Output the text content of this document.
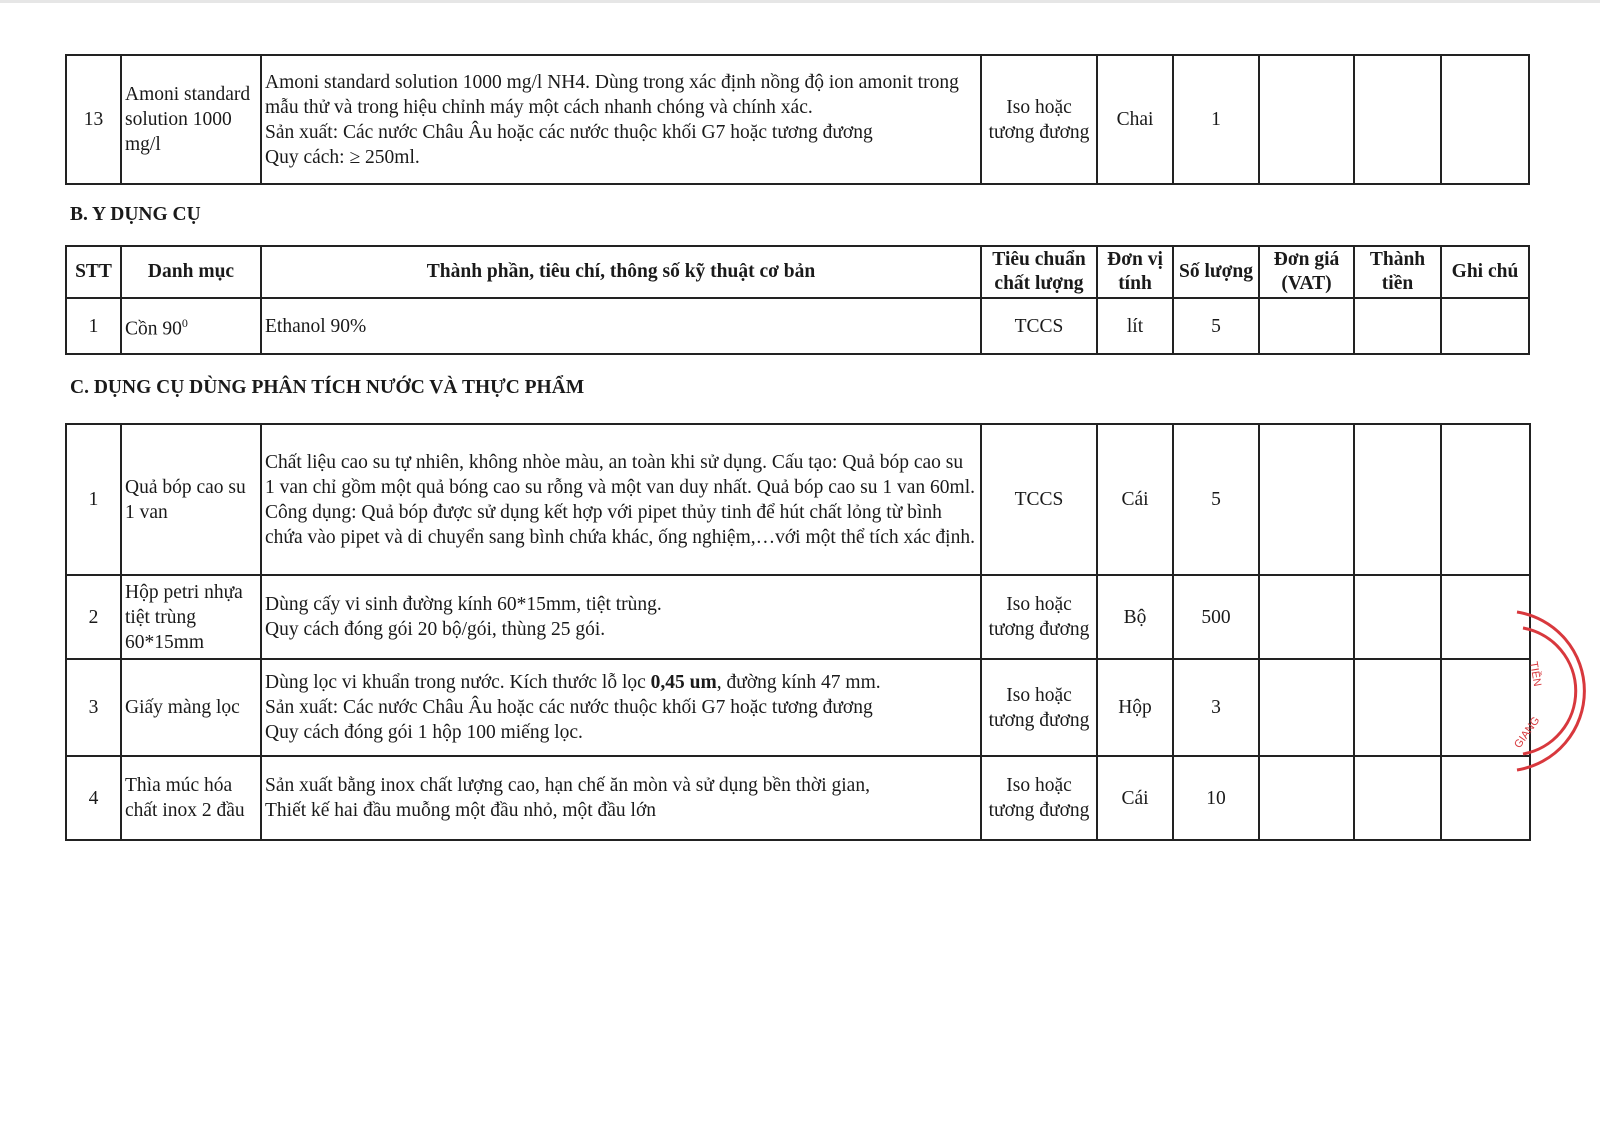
13	Amoni standard solution 1000 mg/l	
Amoni standard solution 1000 mg/l NH4. Dùng trong xác định nồng độ ion amonit trong mẫu thử và trong hiệu chỉnh máy một cách nhanh chóng và chính xác.
Sản xuất: Các nước Châu Âu hoặc các nước thuộc khối G7 hoặc tương đương
Quy cách: ≥ 250ml.
	Iso hoặc tương đương	Chai	1			
B. Y DỤNG CỤ
STT	Danh mục	Thành phần, tiêu chí, thông số kỹ thuật cơ bản	Tiêu chuẩn chất lượng	Đơn vị tính	Số lượng	Đơn giá (VAT)	Thành tiền	Ghi chú
1	Cồn $90^0$	Ethanol 90%	TCCS	lít	5			
C. DỤNG CỤ DÙNG PHÂN TÍCH NƯỚC VÀ THỰC PHẨM
1	Quả bóp cao su 1 van	Chất liệu cao su tự nhiên, không nhòe màu, an toàn khi sử dụng. Cấu tạo: Quả bóp cao su 1 van chỉ gồm một quả bóng cao su rỗng và một van duy nhất. Quả bóp cao su 1 van 60ml. Công dụng: Quả bóp được sử dụng kết hợp với pipet thủy tinh để hút chất lỏng từ bình chứa vào pipet và di chuyển sang bình chứa khác, ống nghiệm,…với một thể tích xác định.	TCCS	Cái	5			
2	Hộp petri nhựa tiệt trùng 60*15mm	Dùng cấy vi sinh đường kính 60*15mm, tiệt trùng.
Quy cách đóng gói 20 bộ/gói, thùng 25 gói.	Iso hoặc tương đương	Bộ	500			
3	Giấy màng lọc	Dùng lọc vi khuẩn trong nước. Kích thước lỗ lọc 0,45 um, đường kính 47 mm.
Sản xuất: Các nước Châu Âu hoặc các nước thuộc khối G7 hoặc tương đương
Quy cách đóng gói 1 hộp 100 miếng lọc.	Iso hoặc tương đương	Hộp	3			
4	Thìa múc hóa chất inox 2 đầu	Sản xuất bằng inox chất lượng cao, hạn chế ăn mòn và sử dụng bền thời gian,
Thiết kế hai đầu muỗng một đầu nhỏ, một đầu lớn	Iso hoặc tương đương	Cái	10			
TIỀN
GIANG
